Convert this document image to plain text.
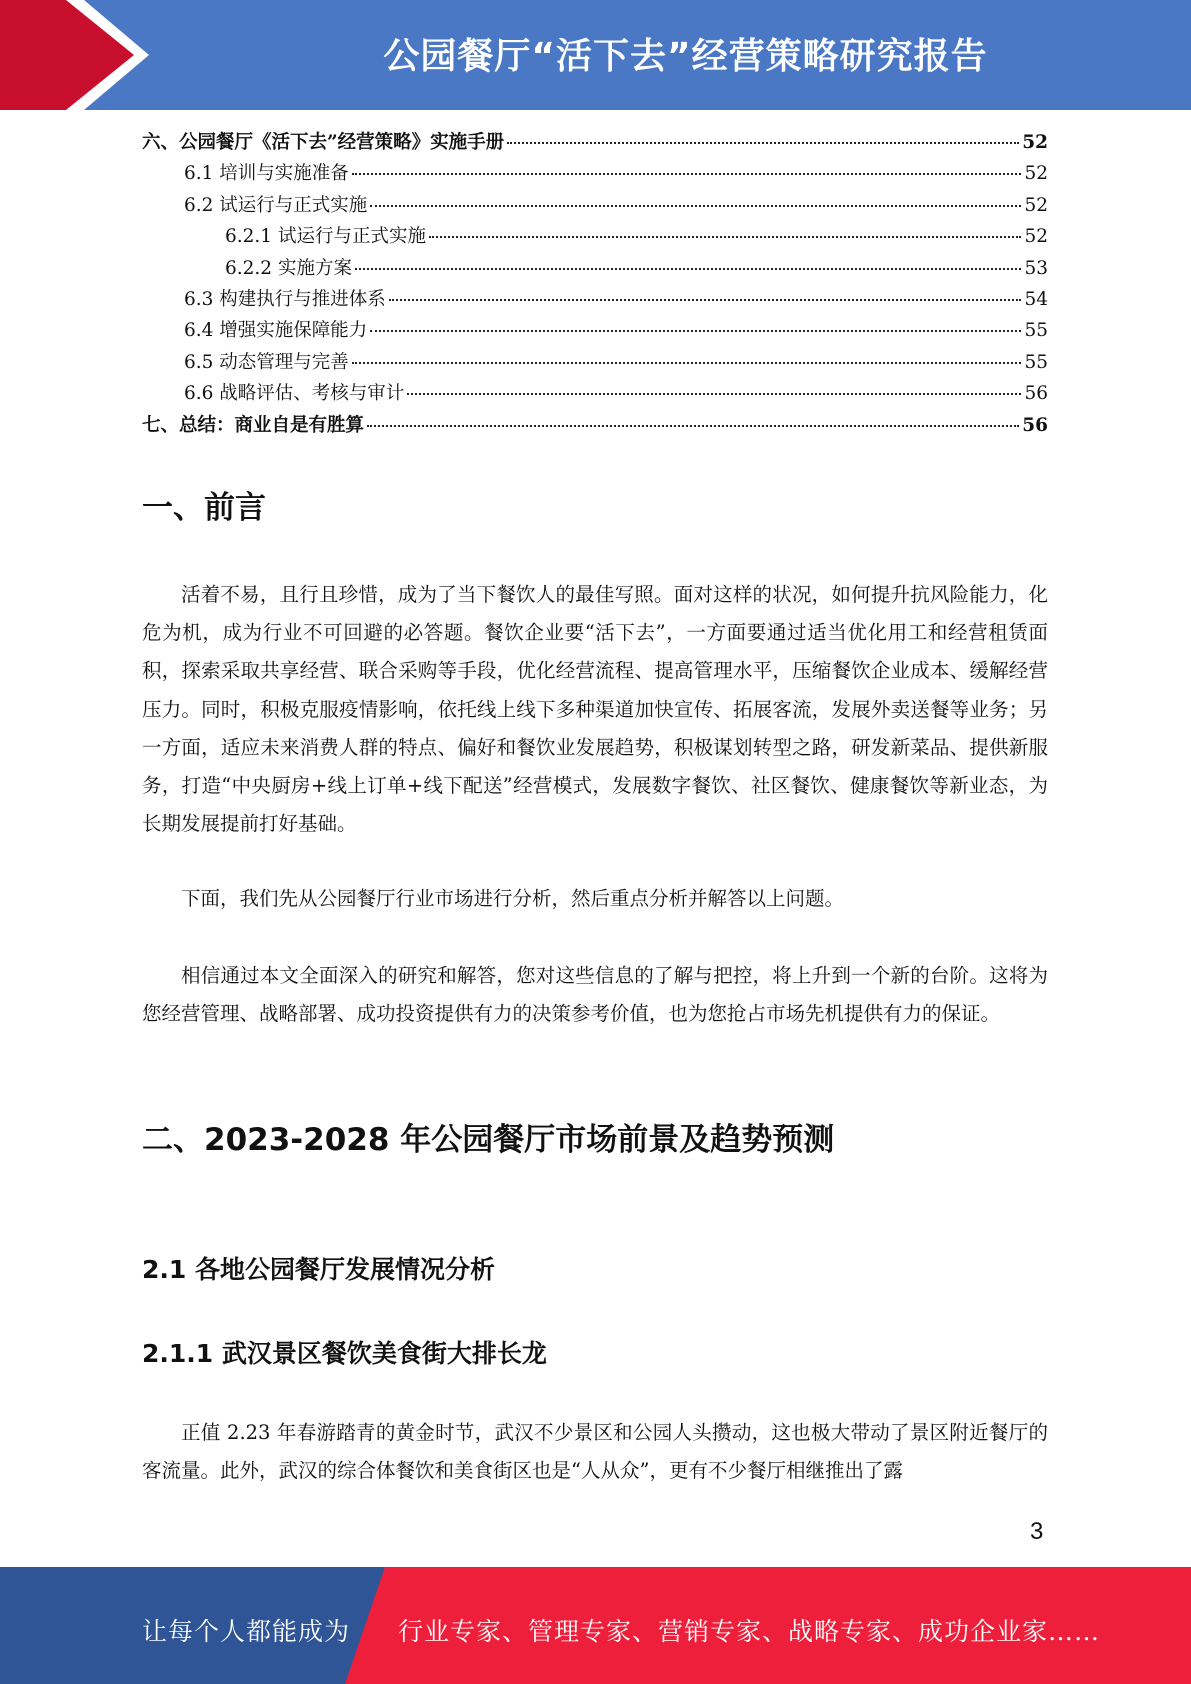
公园餐厅“活下去”经营策略研究报告
六、公园餐厅《活下去”经营策略》实施手册	52
6.1 培训与实施准备	52
6.2 试运行与正式实施	52
6.2.1 试运行与正式实施	52
6.2.2 实施方案	53
6.3 构建执行与推进体系	54
6.4 增强实施保障能力	55
6.5 动态管理与完善	55
6.6 战略评估、考核与审计	56
七、总结：商业自是有胜算	56
一、前言

活着不易，且行且珍惜，成为了当下餐饮人的最佳写照。面对这样的状况，如何提升抗风险能力，化危为机，成为行业不可回避的必答题。餐饮企业要“活下去”，一方面要通过适当优化用工和经营租赁面积，探索采取共享经营、联合采购等手段，优化经营流程、提高管理水平，压缩餐饮企业成本、缓解经营压力。同时，积极克服疫情影响，依托线上线下多种渠道加快宣传、拓展客流，发展外卖送餐等业务；另一方面，适应未来消费人群的特点、偏好和餐饮业发展趋势，积极谋划转型之路，研发新菜品、提供新服务，打造“中央厨房+线上订单+线下配送”经营模式，发展数字餐饮、社区餐饮、健康餐饮等新业态，为长期发展提前打好基础。

下面，我们先从公园餐厅行业市场进行分析，然后重点分析并解答以上问题。

相信通过本文全面深入的研究和解答，您对这些信息的了解与把控，将上升到一个新的台阶。这将为您经营管理、战略部署、成功投资提供有力的决策参考价值，也为您抢占市场先机提供有力的保证。

二、2023-2028 年公园餐厅市场前景及趋势预测
2.1 各地公园餐厅发展情况分析
2.1.1 武汉景区餐饮美食街大排长龙

正值 2.23 年春游踏青的黄金时节，武汉不少景区和公园人头攒动，这也极大带动了景区附近餐厅的客流量。此外，武汉的综合体餐饮和美食街区也是“人从众”，更有不少餐厅相继推出了露

3
让每个人都能成为 行业专家、管理专家、营销专家、战略专家、成功企业家……
